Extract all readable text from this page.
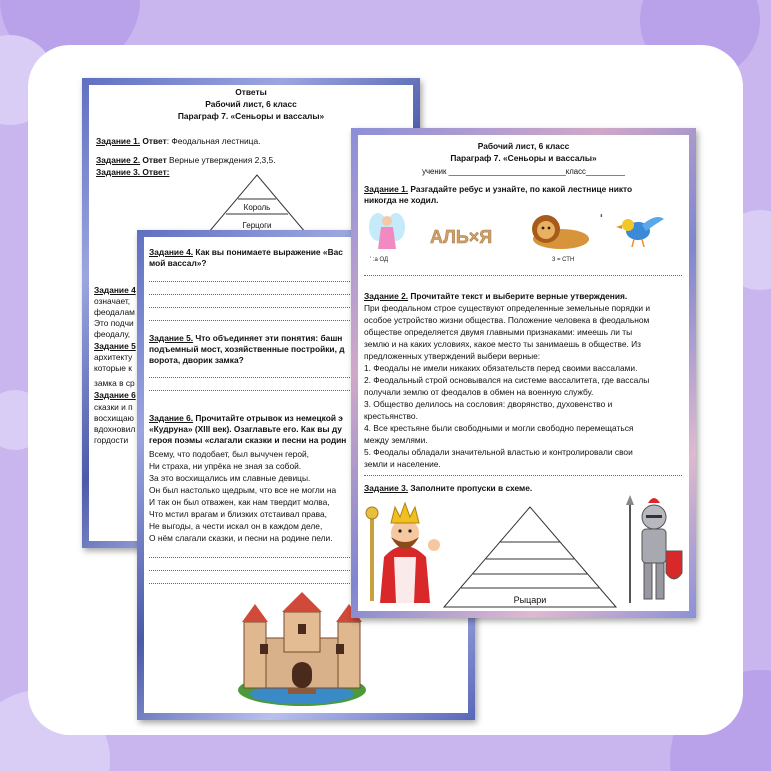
Ответы
Рабочий лист, 6 класс
Параграф 7. «Сеньоры и вассалы»
Задание 1. Ответ: Феодальная лестница.
Задание 2. Ответ Верные утверждения 2,3,5.
Задание 3. Ответ:
Король
Герцоги
Задание 4
означает,
феодалам
Это подчи
феодалу,
Задание 5
архитекту
которые к
замка в ср
Задание 6
сказки и п
восхищаю
вдохновил
гордости
Задание 4. Как вы понимаете выражение «Вас
мой вассал»?
Задание 5. Что объединяет эти понятия: башн
подъемный мост, хозяйственные постройки, д
ворота, дворик замка?
Задание 6. Прочитайте отрывок из немецкой э
«Кудруна» (XIII век). Озаглавьте его. Как вы ду
героя поэмы «слагали сказки и песни на родин
Всему, что подобает, был вычучен герой,
Ни страха, ни упрёка не зная за собой.
За это восхищались им славные девицы.
Он был настолько щедрым, что все не могли на
И так он был отважен, как нам твердит молва,
Что мстил врагам и близких отстаивал права,
Не выгоды, а чести искал он в каждом деле,
О нём слагали сказки, и песни на родине пели.
Рабочий лист, 6 класс
Параграф 7. «Сеньоры и вассалы»
ученик ___________________________класс_________
Задание 1. Разгадайте ребус и узнайте, по какой лестнице никто
никогда не ходил.
’ :а ОД
АЛЬ×Я
3 = СТН
‘
Задание 2. Прочитайте текст и выберите верные утверждения.
При феодальном строе существуют определенные земельные порядки и
особое устройство жизни общества. Положение человека в феодальном
обществе определяется двумя главными признаками: имеешь ли ты
землю и на каких условиях, какое место ты занимаешь в обществе. Из
предложенных утверждений выбери верные:
1. Феодалы не имели никаких обязательств перед своими вассалами.
2. Феодальный строй основывался на системе вассалитета, где вассалы
получали землю от феодалов в обмен на военную службу.
3. Общество делилось на сословия: дворянство, духовенство и
крестьянство.
4. Все крестьяне были свободными и могли свободно перемещаться
между землями.
5. Феодалы обладали значительной властью и контролировали свои
земли и население.
Задание 3. Заполните пропуски в схеме.
Рыцари
